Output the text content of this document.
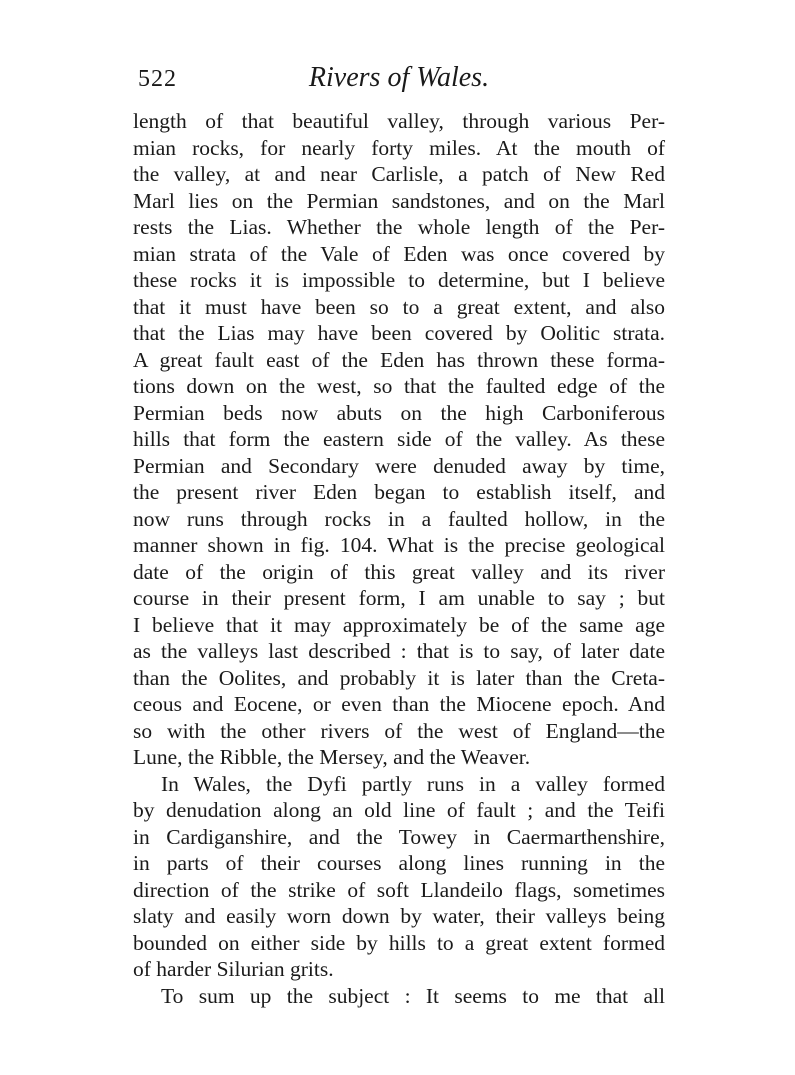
522	Rivers of Wales.
length of that beautiful valley, through various Per-
mian rocks, for nearly forty miles. At the mouth of
the valley, at and near Carlisle, a patch of New Red
Marl lies on the Permian sandstones, and on the Marl
rests the Lias. Whether the whole length of the Per-
mian strata of the Vale of Eden was once covered by
these rocks it is impossible to determine, but I believe
that it must have been so to a great extent, and also
that the Lias may have been covered by Oolitic strata.
A great fault east of the Eden has thrown these forma-
tions down on the west, so that the faulted edge of the
Permian beds now abuts on the high Carboniferous
hills that form the eastern side of the valley. As these
Permian and Secondary were denuded away by time,
the present river Eden began to establish itself, and
now runs through rocks in a faulted hollow, in the
manner shown in fig. 104. What is the precise geological
date of the origin of this great valley and its river
course in their present form, I am unable to say ; but
I believe that it may approximately be of the same age
as the valleys last described : that is to say, of later date
than the Oolites, and probably it is later than the Creta-
ceous and Eocene, or even than the Miocene epoch. And
so with the other rivers of the west of England—the
Lune, the Ribble, the Mersey, and the Weaver.
In Wales, the Dyfi partly runs in a valley formed
by denudation along an old line of fault ; and the Teifi
in Cardiganshire, and the Towey in Caermarthenshire,
in parts of their courses along lines running in the
direction of the strike of soft Llandeilo flags, sometimes
slaty and easily worn down by water, their valleys being
bounded on either side by hills to a great extent formed
of harder Silurian grits.
To sum up the subject : It seems to me that all
